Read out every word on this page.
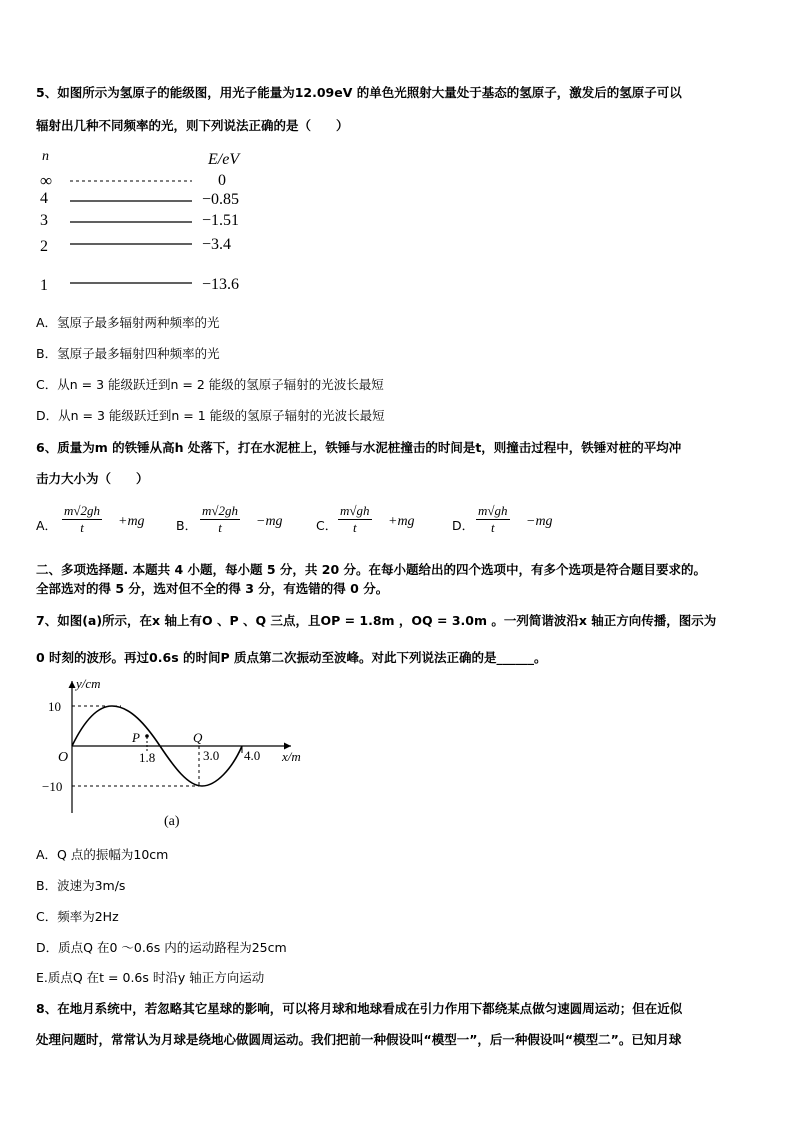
5、如图所示为氢原子的能级图，用光子能量为12.09eV 的单色光照射大量处于基态的氢原子，激发后的氢原子可以
辐射出几种不同频率的光，则下列说法正确的是（　　）
n	E/eV
∞	0
4	−0.85
3	−1.51
2	−3.4
1	−13.6
A．氢原子最多辐射两种频率的光
B．氢原子最多辐射四种频率的光
C．从n = 3 能级跃迁到n = 2 能级的氢原子辐射的光波长最短
D．从n = 3 能级跃迁到n = 1 能级的氢原子辐射的光波长最短
6、质量为m 的铁锤从高h 处落下，打在水泥桩上，铁锤与水泥桩撞击的时间是t，则撞击过程中，铁锤对桩的平均冲
击力大小为（　　）
A． $\frac{m√2gh}{t} +mg$	B． $\frac{m√2gh}{t} -mg$	C． $\frac{m√gh}{t} +mg$	D． $\frac{m√gh}{t} -mg$
二、多项选择题. 本题共 4 小题，每小题 5 分，共 20 分。在每小题给出的四个选项中，有多个选项是符合题目要求的。
全部选对的得 5 分，选对但不全的得 3 分，有选错的得 0 分。
7、如图(a)所示，在x 轴上有O 、P 、Q 三点，且OP = 1.8m ，OQ = 3.0m 。一列简谐波沿x 轴正方向传播，图示为
0 时刻的波形。再过0.6s 的时间P 质点第二次振动至波峰。对此下列说法正确的是______。
y/cm
x/m
O
10
−10
P
1.8
Q
3.0 4.0
(a)
A．Q 点的振幅为10cm
B．波速为3m/s
C．频率为2Hz
D．质点Q 在0 ～0.6s 内的运动路程为25cm
E.质点Q 在t = 0.6s 时沿y 轴正方向运动
8、在地月系统中，若忽略其它星球的影响，可以将月球和地球看成在引力作用下都绕某点做匀速圆周运动；但在近似
处理问题时，常常认为月球是绕地心做圆周运动。我们把前一种假设叫“模型一”，后一种假设叫“模型二”。已知月球
